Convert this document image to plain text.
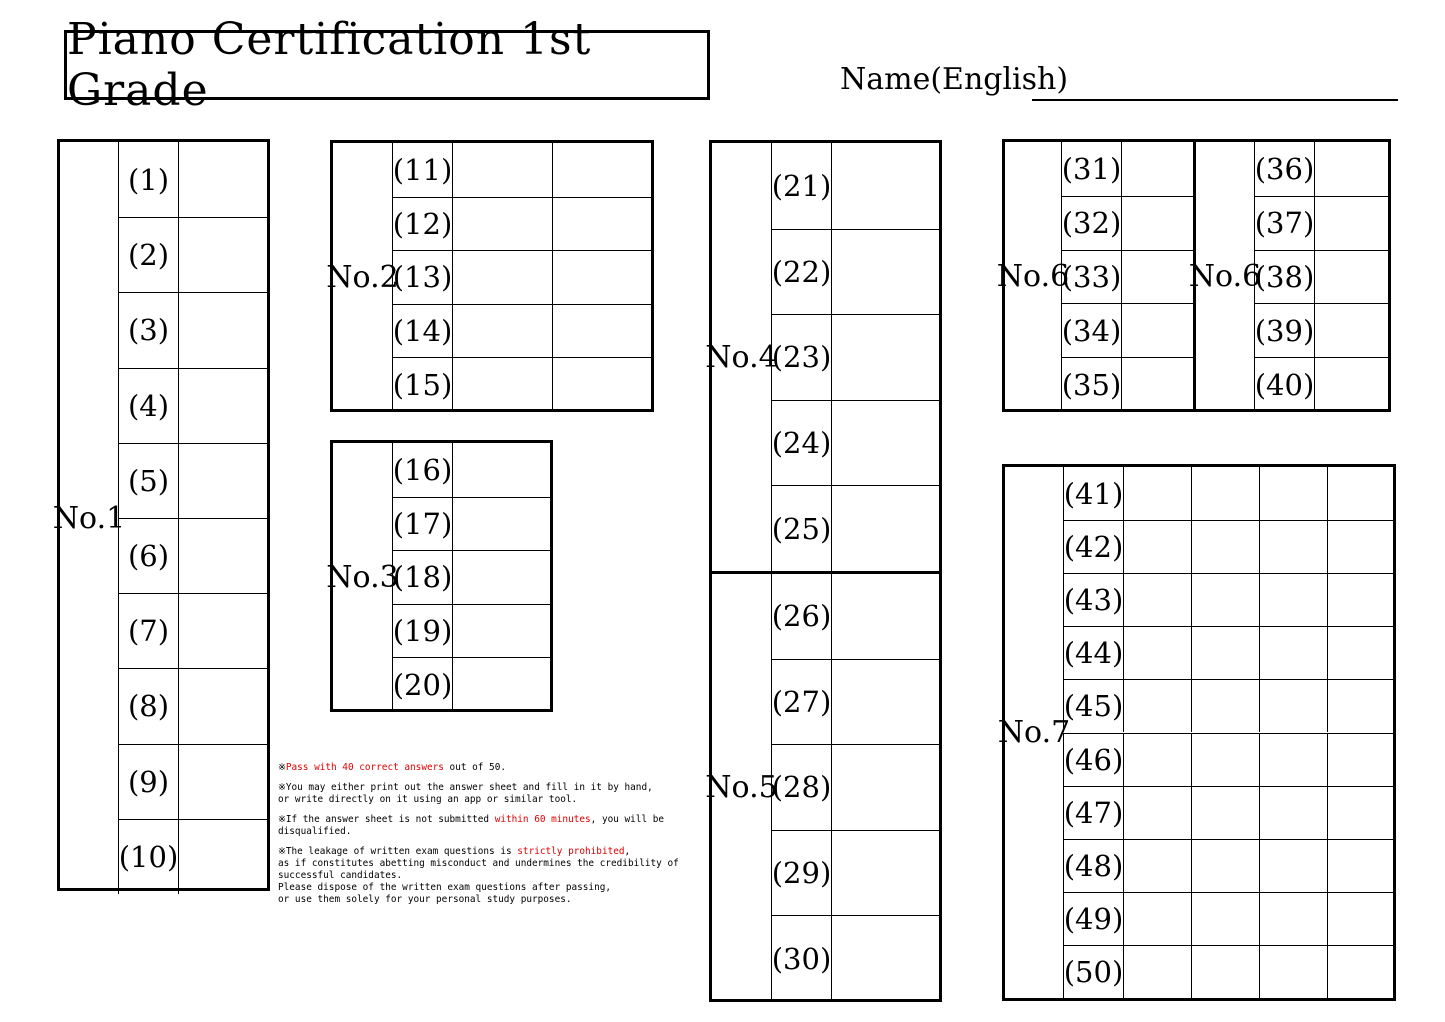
Piano Certification 1st Grade	Name(English)
No.1
(1)
(2)
(3)
(4)
(5)
(6)
(7)
(8)
(9)
(10)
No.2
(11)
(12)
(13)
(14)
(15)
No.3
(16)
(17)
(18)
(19)
(20)
No.4
(21)
(22)
(23)
(24)
(25)
No.5
(26)
(27)
(28)
(29)
(30)
No.6
(31)
(32)
(33)
(34)
(35)
No.6
(36)
(37)
(38)
(39)
(40)
No.7
(41)
(42)
(43)
(44)
(45)
(46)
(47)
(48)
(49)
(50)

※Pass with 40 correct answers out of 50.

※You may either print out the answer sheet and fill in it by hand,
or write directly on it using an app or similar tool.

※If the answer sheet is not submitted within 60 minutes, you will be disqualified.

※The leakage of written exam questions is strictly prohibited,
as if constitutes abetting misconduct and undermines the credibility of successful candidates.
Please dispose of the written exam questions after passing,
or use them solely for your personal study purposes.
